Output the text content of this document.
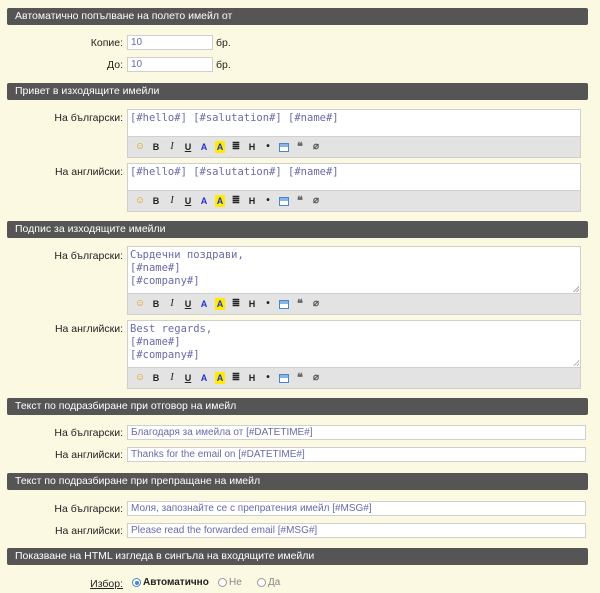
Автоматично попълване на полето имейл от
Копие: 10	бр.
До: 10	бр.
Привет в изходящите имейли
На български: [#hello#] [#salutation#] [#name#]
☺ B	I	U	A	A ≣ H	•	❝	⌀
На английски: [#hello#] [#salutation#] [#name#]
☺ B	I	U	A	A ≣ H	•	❝	⌀
Подпис за изходящите имейли
На български: Сърдечни поздрави,
[#name#]
[#company#]
☺ B	I	U	A	A ≣ H	•	❝	⌀
На английски: Best regards,
[#name#]
[#company#]
☺ B	I	U	A	A ≣ H	•	❝	⌀
Текст по подразбиране при отговор на имейл
На български: Благодаря за имейла от [#DATETIME#]
На английски: Thanks for the email on [#DATETIME#]
Текст по подразбиране при препращане на имейл
На български: Моля, запознайте се с препратения имейл [#MSG#]
На английски: Please read the forwarded email [#MSG#]
Показване на HTML изгледа в сингъла на входящите имейли
Избор: Автоматично Не	Да
